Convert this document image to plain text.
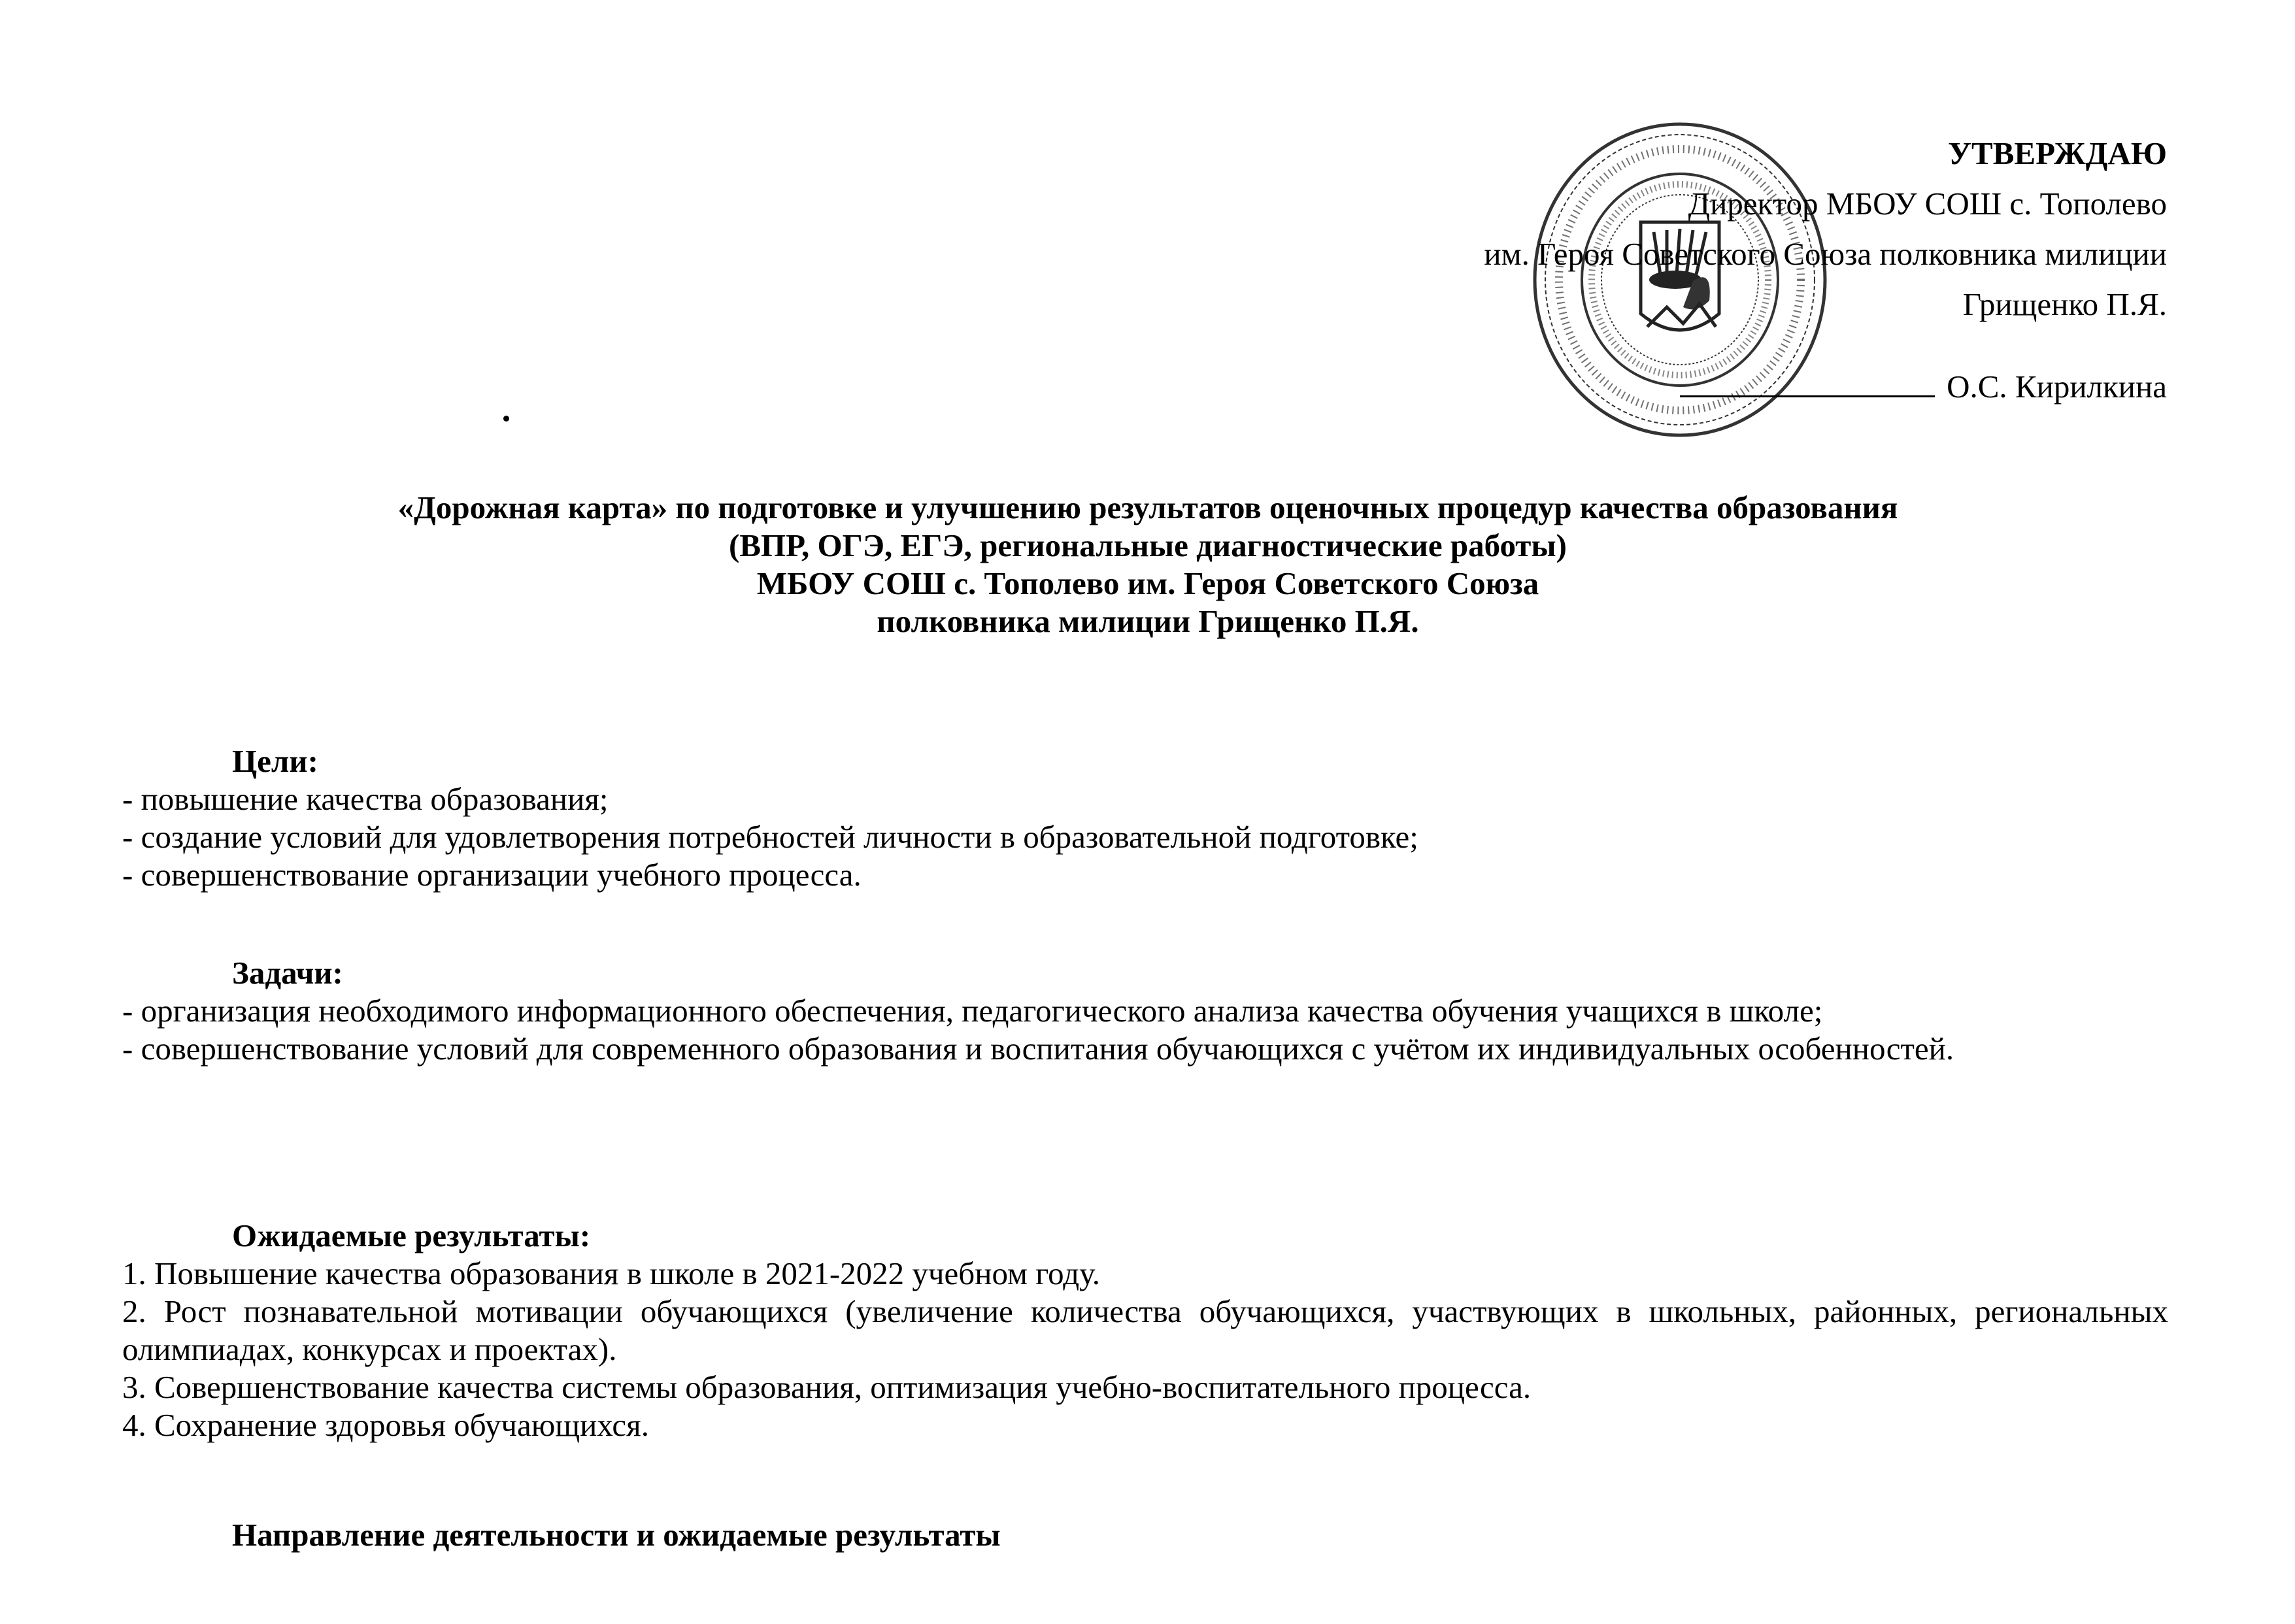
УТВЕРЖДАЮ
Директор МБОУ СОШ с. Тополево
им. Героя Советского Союза полковника милиции
Грищенко П.Я.
О.С. Кирилкина
«Дорожная карта» по подготовке и улучшению результатов оценочных процедур качества образования
(ВПР, ОГЭ, ЕГЭ, региональные диагностические работы)
МБОУ СОШ с. Тополево им. Героя Советского Союза
полковника милиции Грищенко П.Я.
Цели:
- повышение качества образования;
- создание условий для удовлетворения потребностей личности в образовательной подготовке;
- совершенствование организации учебного процесса.
Задачи:
- организация необходимого информационного обеспечения, педагогического анализа качества обучения учащихся в школе;
- совершенствование условий для современного образования и воспитания обучающихся с учётом их индивидуальных особенностей.
Ожидаемые результаты:
1. Повышение качества образования в школе в 2021-2022 учебном году.
2. Рост познавательной мотивации обучающихся (увеличение количества обучающихся, участвующих в школьных, районных, региональных олимпиадах, конкурсах и проектах).
3. Совершенствование качества системы образования, оптимизация учебно-воспитательного процесса.
4. Сохранение здоровья обучающихся.
Направление деятельности и ожидаемые результаты
